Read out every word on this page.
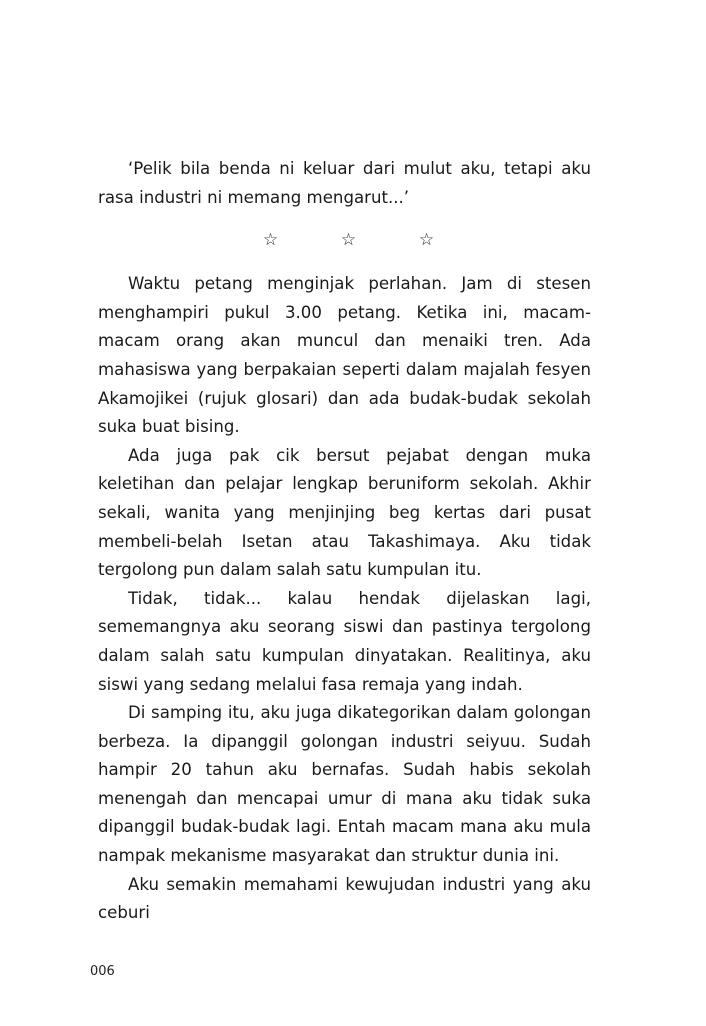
‘Pelik bila benda ni keluar dari mulut aku, tetapi aku rasa industri ni memang mengarut...’

☆	☆	☆

Waktu petang menginjak perlahan. Jam di stesen menghampiri pukul 3.00 petang. Ketika ini, macam-macam orang akan muncul dan menaiki tren. Ada mahasiswa yang berpakaian seperti dalam majalah fesyen Akamojikei (rujuk glosari) dan ada budak-budak sekolah suka buat bising.

Ada juga pak cik bersut pejabat dengan muka keletihan dan pelajar lengkap beruniform sekolah. Akhir sekali, wanita yang menjinjing beg kertas dari pusat membeli-belah Isetan atau Takashimaya. Aku tidak tergolong pun dalam salah satu kumpulan itu.

Tidak, tidak... kalau hendak dijelaskan lagi, sememangnya aku seorang siswi dan pastinya tergolong dalam salah satu kumpulan dinyatakan. Realitinya, aku siswi yang sedang melalui fasa remaja yang indah.

Di samping itu, aku juga dikategorikan dalam golongan berbeza. Ia dipanggil golongan industri seiyuu. Sudah hampir 20 tahun aku bernafas. Sudah habis sekolah menengah dan mencapai umur di mana aku tidak suka dipanggil budak-budak lagi. Entah macam mana aku mula nampak mekanisme masyarakat dan struktur dunia ini.

Aku semakin memahami kewujudan industri yang aku ceburi

006
